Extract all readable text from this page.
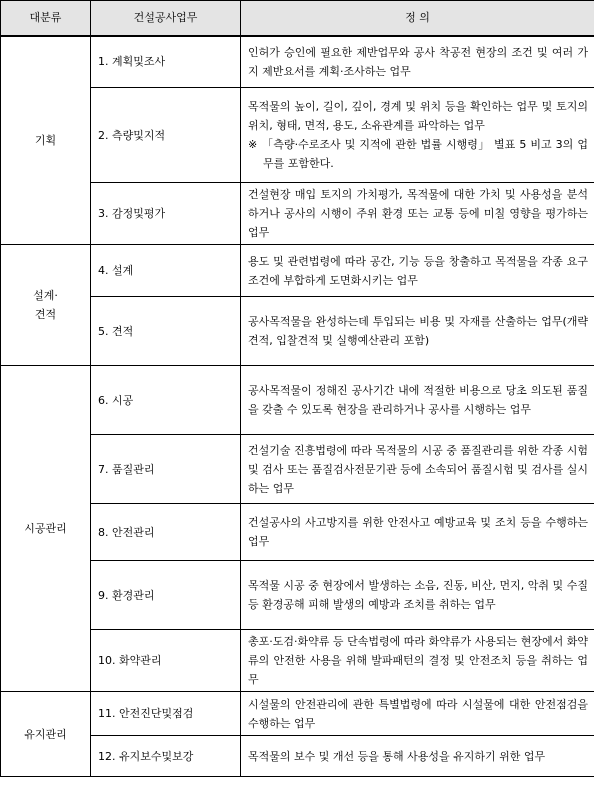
대분류	건설공사업무	정 의
기획	1. 계획및조사	인허가 승인에 필요한 제반업무와 공사 착공전 현장의 조건 및 여러 가지 제반요서를 계획·조사하는 업무
	2. 측량및지적	목적물의 높이, 길이, 깊이, 경계 및 위치 등을 확인하는 업무 및 토지의 위치, 형태, 면적, 용도, 소유관계를 파악하는 업무
※ 「측량·수로조사 및 지적에 관한 법률 시행령」 별표 5 비고 3의 업무를 포함한다.

	3. 감정및평가	건설현장 매입 토지의 가치평가, 목적물에 대한 가치 및 사용성을 분석하거나 공사의 시행이 주위 환경 또는 교통 등에 미칠 영향을 평가하는 업무
설계·
견적	4. 설계	용도 및 관련법령에 따라 공간, 기능 등을 창출하고 목적물을 각종 요구조건에 부합하게 도면화시키는 업무
	5. 견적	공사목적물을 완성하는데 투입되는 비용 및 자재를 산출하는 업무(개략견적, 입찰견적 및 실행예산관리 포함)
시공관리	6. 시공	공사목적물이 정해진 공사기간 내에 적절한 비용으로 당초 의도된 품질을 갖출 수 있도록 현장을 관리하거나 공사를 시행하는 업무
	7. 품질관리	건설기술 진흥법령에 따라 목적물의 시공 중 품질관리를 위한 각종 시험 및 검사 또는 품질검사전문기관 등에 소속되어 품질시험 및 검사를 실시하는 업무
	8. 안전관리	건설공사의 사고방지를 위한 안전사고 예방교육 및 조치 등을 수행하는 업무
	9. 환경관리	목적물 시공 중 현장에서 발생하는 소음, 진동, 비산, 먼지, 악취 및 수질 등 환경공해 피해 발생의 예방과 조치를 취하는 업무
	10. 화약관리	총포·도검·화약류 등 단속법령에 따라 화약류가 사용되는 현장에서 화약류의 안전한 사용을 위해 발파패턴의 결정 및 안전조치 등을 취하는 업무
유지관리	11. 안전진단및점검	시설물의 안전관리에 관한 특별법령에 따라 시설물에 대한 안전점검을 수행하는 업무
	12. 유지보수및보강	목적물의 보수 및 개선 등을 통해 사용성을 유지하기 위한 업무
